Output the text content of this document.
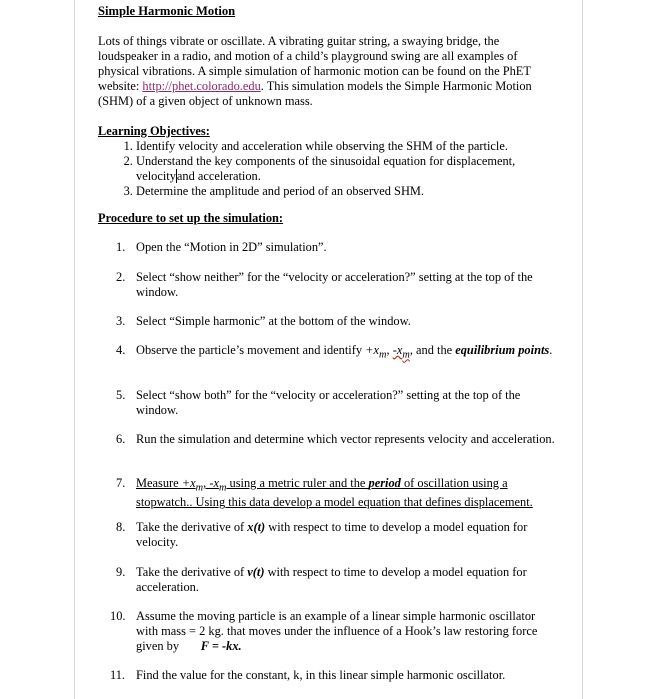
Simple Harmonic Motion
Lots of things vibrate or oscillate. A vibrating guitar string, a swaying bridge, the loudspeaker in a radio, and motion of a child’s playground swing are all examples of physical vibrations. A simple simulation of harmonic motion can be found on the PhET website: http://phet.colorado.edu. This simulation models the Simple Harmonic Motion (SHM) of a given object of unknown mass.
Learning Objectives:
1. Identify velocity and acceleration while observing the SHM of the particle.
2. Understand the key components of the sinusoidal equation for displacement, velocityand acceleration.
3. Determine the amplitude and period of an observed SHM.
Procedure to set up the simulation:
1. Open the “Motion in 2D” simulation”.
2. Select “show neither” for the “velocity or acceleration?” setting at the top of the window.
3. Select “Simple harmonic” at the bottom of the window.
4. Observe the particle’s movement and identify $+x_m$, $-x_m$, and the equilibrium points.
5. Select “show both” for the “velocity or acceleration?” setting at the top of the window.
6. Run the simulation and determine which vector represents velocity and acceleration.
7. Measure $+x_m$, $-x_m$ using a metric ruler and the period of oscillation using a stopwatch.. Using this data develop a model equation that defines displacement.
8. Take the derivative of x(t) with respect to time to develop a model equation for velocity.
9. Take the derivative of v(t) with respect to time to develop a model equation for acceleration.
10. Assume the moving particle is an example of a linear simple harmonic oscillator with mass = 2 kg. that moves under the influence of a Hook’s law restoring force given by F = -kx.
11. Find the value for the constant, k, in this linear simple harmonic oscillator.
